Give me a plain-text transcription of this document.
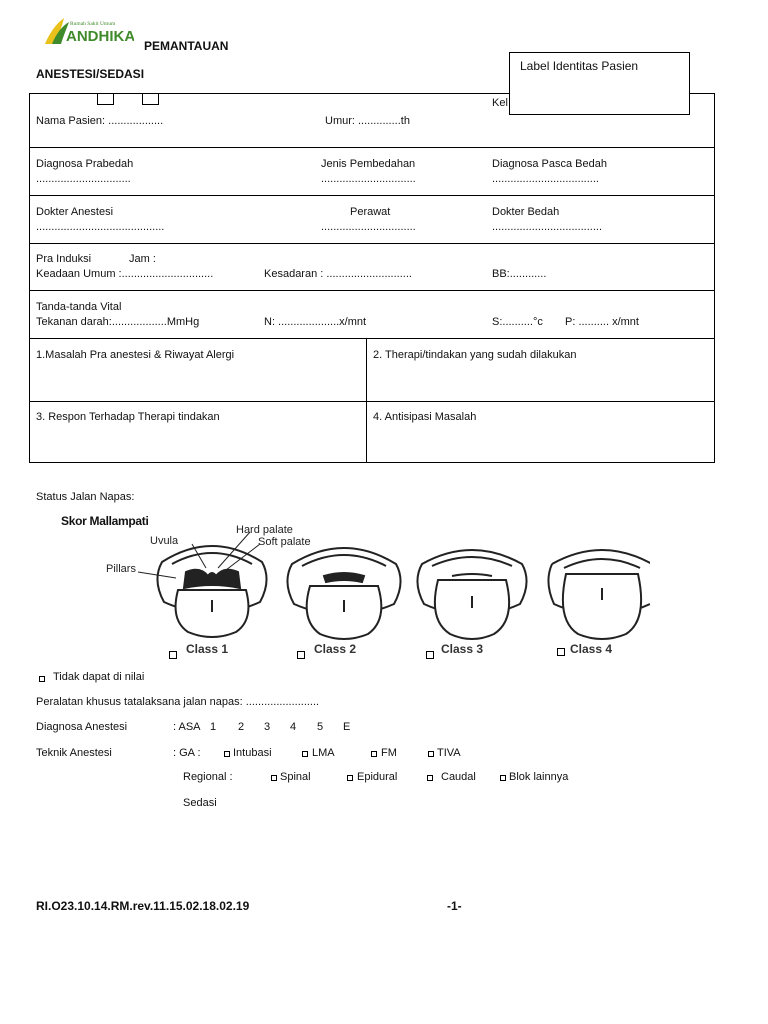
Rumah Sakit Umum
ANDHIKA
PEMANTAUAN
ANESTESI/SEDASI
Label Identitas Pasien
Kel
Nama Pasien: ..................	Umur: ..............th
Diagnosa Prabedah
...............................
Jenis Pembedahan
...............................
Diagnosa Pasca Bedah
...................................
Dokter Anestesi
..........................................
Perawat
...............................
Dokter Bedah
....................................
Pra Induksi	Jam :
Keadaan Umum :..............................	Kesadaran : ............................	BB:............
Tanda-tanda Vital
Tekanan darah:..................MmHg	N: ....................x/mnt	S:..........°c P: .......... x/mnt
1.Masalah Pra anestesi & Riwayat Alergi	2. Therapi/tindakan yang sudah dilakukan
3. Respon Terhadap Therapi tindakan	4. Antisipasi Masalah
Status Jalan Napas:
Skor Mallampati
Uvula
Hard palate
Soft palate
Pillars
Class 1	Class 2	Class 3	Class 4
Tidak dapat di nilai
Peralatan khusus tatalaksana jalan napas: ........................
Diagnosa Anestesi	: ASA 1 2 3 4 5 E
Teknik Anestesi	: GA :	Intubasi	LMA	FM	TIVA
Regional :	Spinal	Epidural	Caudal	Blok lainnya
Sedasi
RI.O23.10.14.RM.rev.11.15.02.18.02.19	-1-
